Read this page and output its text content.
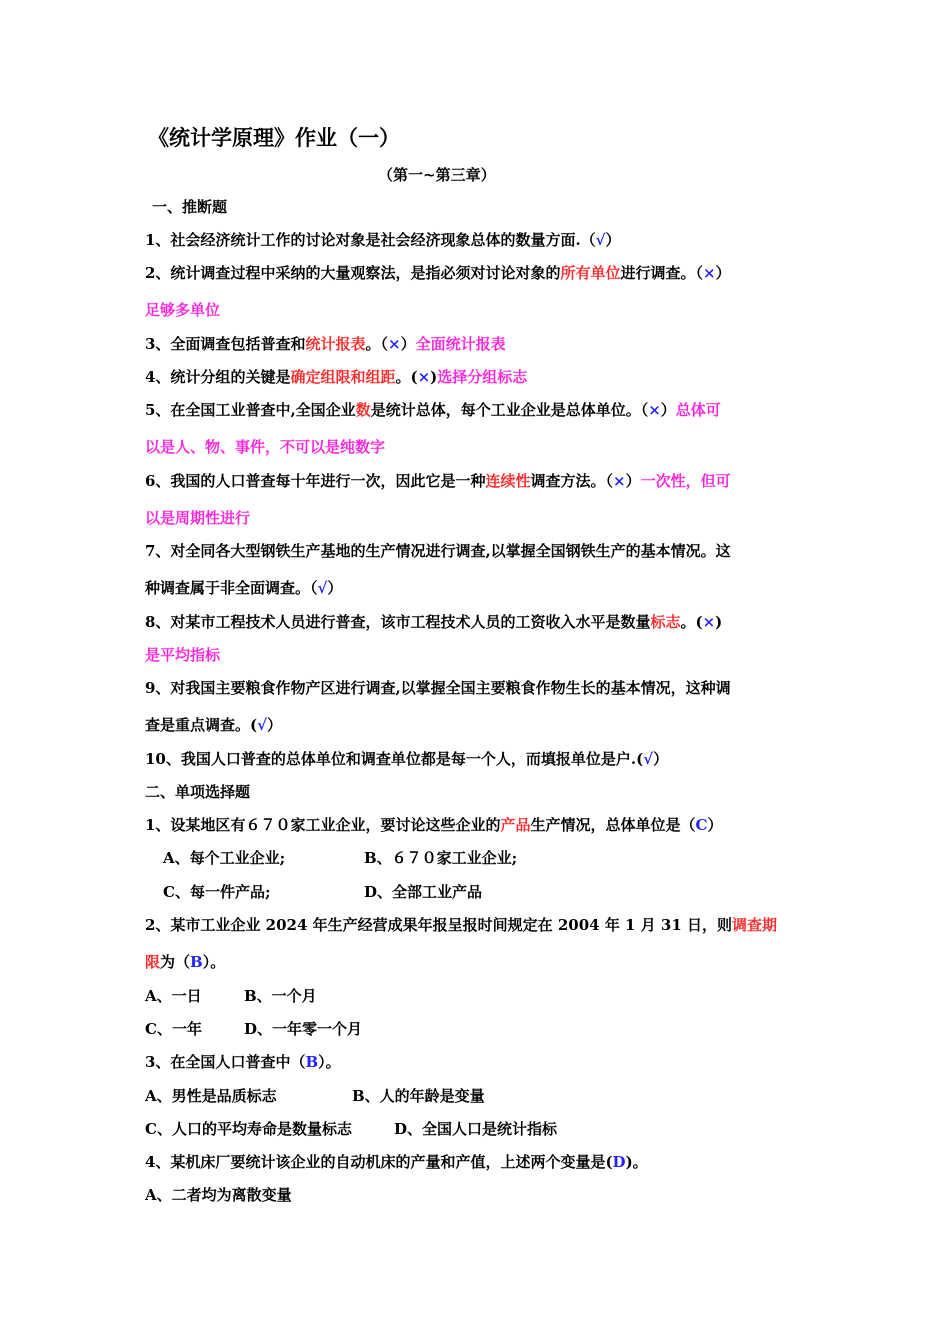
《统计学原理》作业（一）
（第一~第三章）
一、推断题
1、社会经济统计工作的讨论对象是社会经济现象总体的数量方面.（√）
2、统计调查过程中采纳的大量观察法，是指必须对讨论对象的所有单位进行调查。（×）
足够多单位
3、全面调查包括普查和统计报表。（×）全面统计报表
4、统计分组的关键是确定组限和组距。(×)选择分组标志
5、在全国工业普查中,全国企业数是统计总体，每个工业企业是总体单位。（×）总体可
以是人、物、事件，不可以是纯数字
6、我国的人口普查每十年进行一次，因此它是一种连续性调查方法。（×）一次性，但可
以是周期性进行
7、对全同各大型钢铁生产基地的生产情况进行调查,以掌握全国钢铁生产的基本情况。这
种调查属于非全面调查。（√）
8、对某市工程技术人员进行普查，该市工程技术人员的工资收入水平是数量标志。(×)
是平均指标
9、对我国主要粮食作物产区进行调查,以掌握全国主要粮食作物生长的基本情况，这种调
查是重点调查。(√）
10、我国人口普查的总体单位和调查单位都是每一个人，而填报单位是户.(√）
二、单项选择题
1、设某地区有６７０家工业企业，要讨论这些企业的产品生产情况，总体单位是（C）
A、每个工业企业;	B、６７０家工业企业;
C、每一件产品;	D、全部工业产品
2、某市工业企业 2024 年生产经营成果年报呈报时间规定在 2004 年 1 月 31 日，则调查期
限为（B）。
A、一日	B、一个月
C、一年	D、一年零一个月
3、在全国人口普查中（B）。
A、男性是品质标志	B、人的年龄是变量
C、人口的平均寿命是数量标志	D、全国人口是统计指标
4、某机床厂要统计该企业的自动机床的产量和产值，上述两个变量是(D)。
A、二者均为离散变量
